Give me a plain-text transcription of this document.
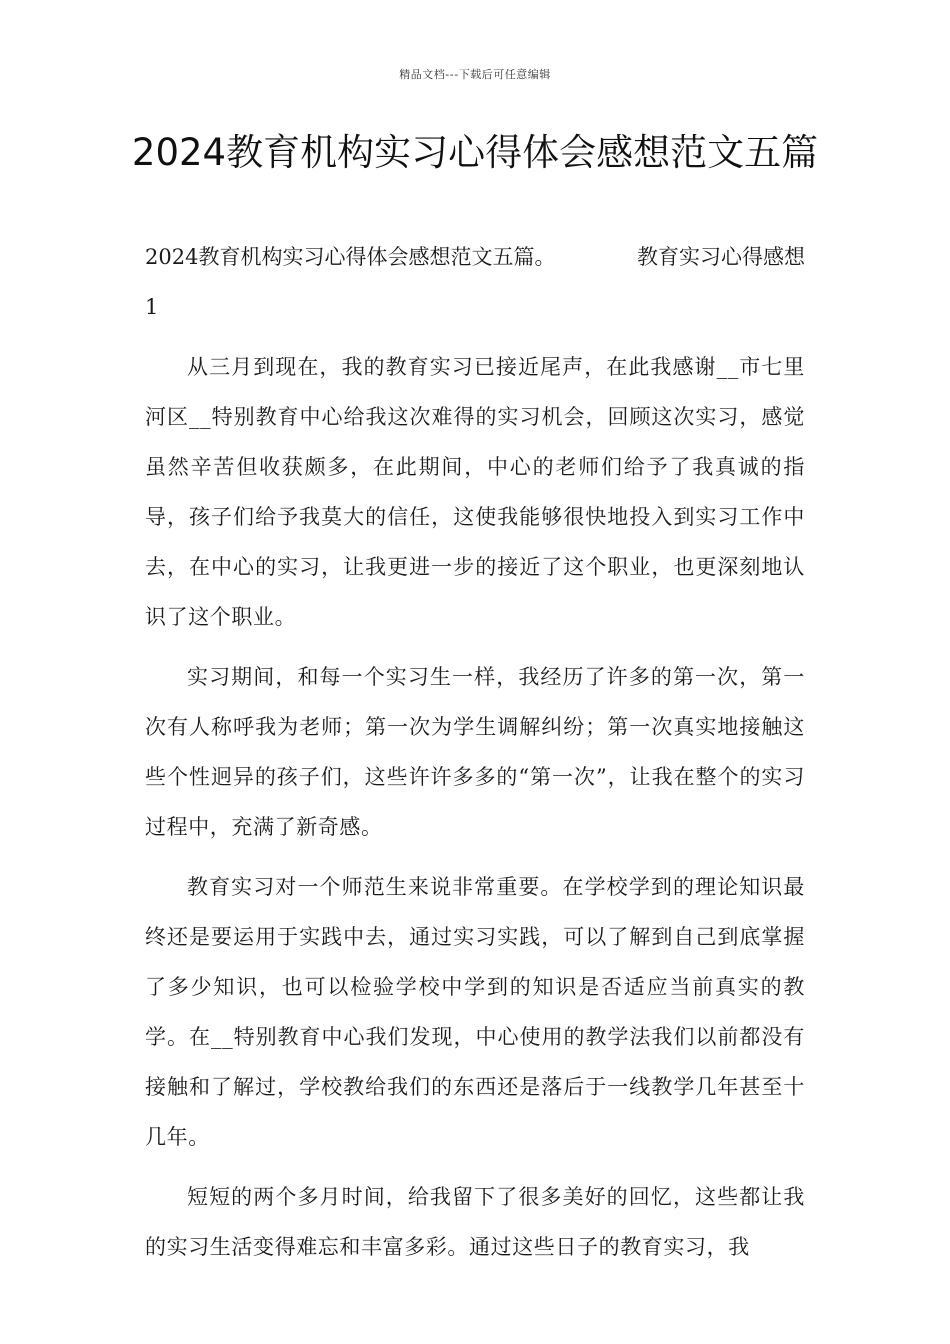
精品文档---下载后可任意编辑
2024教育机构实习心得体会感想范文五篇
2024教育机构实习心得体会感想范文五篇。	教育实习心得感想
1

从三月到现在，我的教育实习已接近尾声，在此我感谢__市七里河区__特别教育中心给我这次难得的实习机会，回顾这次实习，感觉虽然辛苦但收获颇多，在此期间，中心的老师们给予了我真诚的指导，孩子们给予我莫大的信任，这使我能够很快地投入到实习工作中去，在中心的实习，让我更进一步的接近了这个职业，也更深刻地认识了这个职业。

实习期间，和每一个实习生一样，我经历了许多的第一次，第一次有人称呼我为老师；第一次为学生调解纠纷；第一次真实地接触这些个性迥异的孩子们，这些许许多多的“第一次”，让我在整个的实习过程中，充满了新奇感。

教育实习对一个师范生来说非常重要。在学校学到的理论知识最终还是要运用于实践中去，通过实习实践，可以了解到自己到底掌握了多少知识，也可以检验学校中学到的知识是否适应当前真实的教学。在__特别教育中心我们发现，中心使用的教学法我们以前都没有接触和了解过，学校教给我们的东西还是落后于一线教学几年甚至十几年。

短短的两个多月时间，给我留下了很多美好的回忆，这些都让我的实习生活变得难忘和丰富多彩。通过这些日子的教育实习，我
